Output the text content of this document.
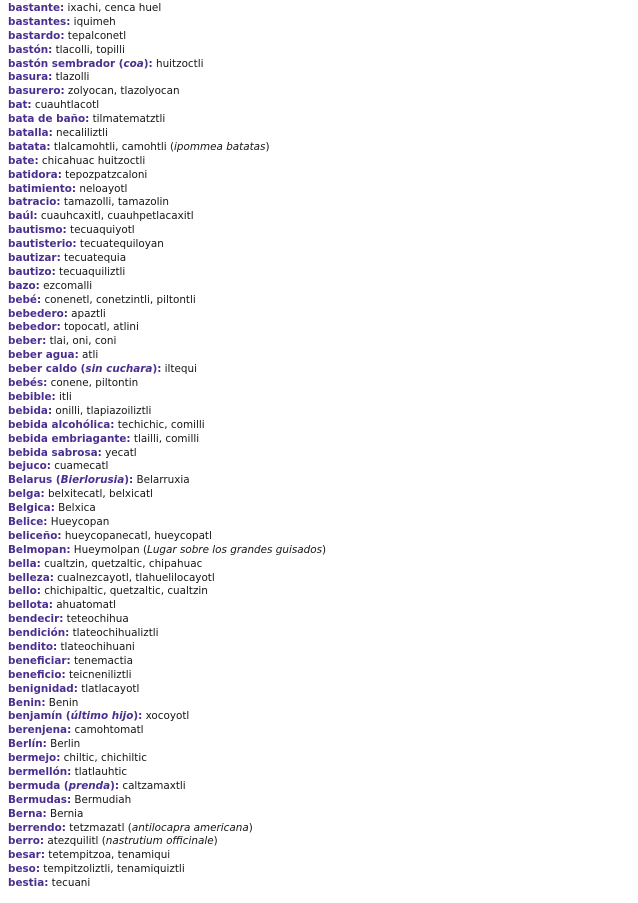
bastante: ixachi, cenca huel
bastantes: iquimeh
bastardo: tepalconetl
bastón: tlacolli, topilli
bastón sembrador (coa): huitzoctli
basura: tlazolli
basurero: zolyocan, tlazolyocan
bat: cuauhtlacotl
bata de baño: tilmatematztli
batalla: necaliliztli
batata: tlalcamohtli, camohtli (ipommea batatas)
bate: chicahuac huitzoctli
batidora: tepozpatzcaloni
batimiento: neloayotl
batracio: tamazolli, tamazolin
baúl: cuauhcaxitl, cuauhpetlacaxitl
bautismo: tecuaquiyotl
bautisterio: tecuatequiloyan
bautizar: tecuatequia
bautizo: tecuaquiliztli
bazo: ezcomalli
bebé: conenetl, conetzintli, piltontli
bebedero: apaztli
bebedor: topocatl, atlini
beber: tlai, oni, coni
beber agua: atli
beber caldo (sin cuchara): iltequi
bebés: conene, piltontin
bebible: itli
bebida: onilli, tlapiazoiliztli
bebida alcohólica: techichic, comilli
bebida embriagante: tlailli, comilli
bebida sabrosa: yecatl
bejuco: cuamecatl
Belarus (Bierlorusia): Belarruxia
belga: belxitecatl, belxicatl
Belgica: Belxica
Belice: Hueycopan
beliceño: hueycopanecatl, hueycopatl
Belmopan: Hueymolpan (Lugar sobre los grandes guisados)
bella: cualtzin, quetzaltic, chipahuac
belleza: cualnezcayotl, tlahuelilocayotl
bello: chichipaltic, quetzaltic, cualtzin
bellota: ahuatomatl
bendecir: teteochihua
bendición: tlateochihualiztli
bendito: tlateochihuani
beneficiar: tenemactia
beneficio: teicneniliztli
benignidad: tlatlacayotl
Benin: Benin
benjamín (último hijo): xocoyotl
berenjena: camohtomatl
Berlín: Berlin
bermejo: chiltic, chichiltic
bermellón: tlatlauhtic
bermuda (prenda): caltzamaxtli
Bermudas: Bermudiah
Berna: Bernia
berrendo: tetzmazatl (antilocapra americana)
berro: atezquilitl (nastrutium officinale)
besar: tetempitzoa, tenamiqui
beso: tempitzoliztli, tenamiquiztli
bestia: tecuani
